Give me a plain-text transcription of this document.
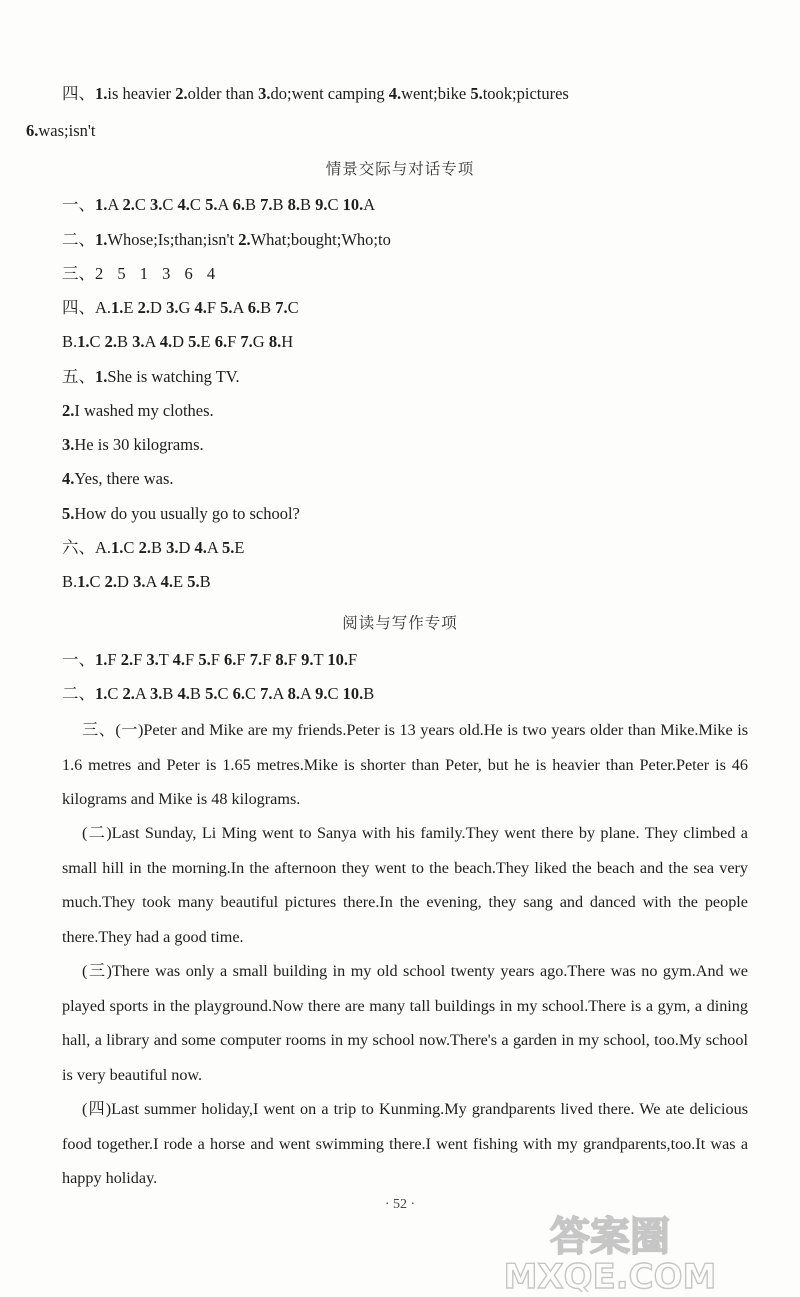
四、1.is heavier 2.older than 3.do;went camping 4.went;bike 5.took;pictures
6.was;isn't
情景交际与对话专项
一、1.A 2.C 3.C 4.C 5.A 6.B 7.B 8.B 9.C 10.A
二、1.Whose;Is;than;isn't 2.What;bought;Who;to
三、2 5 1 3 6 4
四、A.1.E 2.D 3.G 4.F 5.A 6.B 7.C
B.1.C 2.B 3.A 4.D 5.E 6.F 7.G 8.H
五、1.She is watching TV.
2.I washed my clothes.
3.He is 30 kilograms.
4.Yes, there was.
5.How do you usually go to school?
六、A.1.C 2.B 3.D 4.A 5.E
B.1.C 2.D 3.A 4.E 5.B
阅读与写作专项
一、1.F 2.F 3.T 4.F 5.F 6.F 7.F 8.F 9.T 10.F
二、1.C 2.A 3.B 4.B 5.C 6.C 7.A 8.A 9.C 10.B
三、(一)Peter and Mike are my friends.Peter is 13 years old.He is two years older than Mike.Mike is 1.6 metres and Peter is 1.65 metres.Mike is shorter than Peter, but he is heavier than Peter.Peter is 46 kilograms and Mike is 48 kilograms.
(二)Last Sunday, Li Ming went to Sanya with his family.They went there by plane. They climbed a small hill in the morning.In the afternoon they went to the beach.They liked the beach and the sea very much.They took many beautiful pictures there.In the evening, they sang and danced with the people there.They had a good time.
(三)There was only a small building in my old school twenty years ago.There was no gym.And we played sports in the playground.Now there are many tall buildings in my school.There is a gym, a dining hall, a library and some computer rooms in my school now.There's a garden in my school, too.My school is very beautiful now.
(四)Last summer holiday,I went on a trip to Kunming.My grandparents lived there. We ate delicious food together.I rode a horse and went swimming there.I went fishing with my grandparents,too.It was a happy holiday.
· 52 ·
答案圈
MXQE.COM
